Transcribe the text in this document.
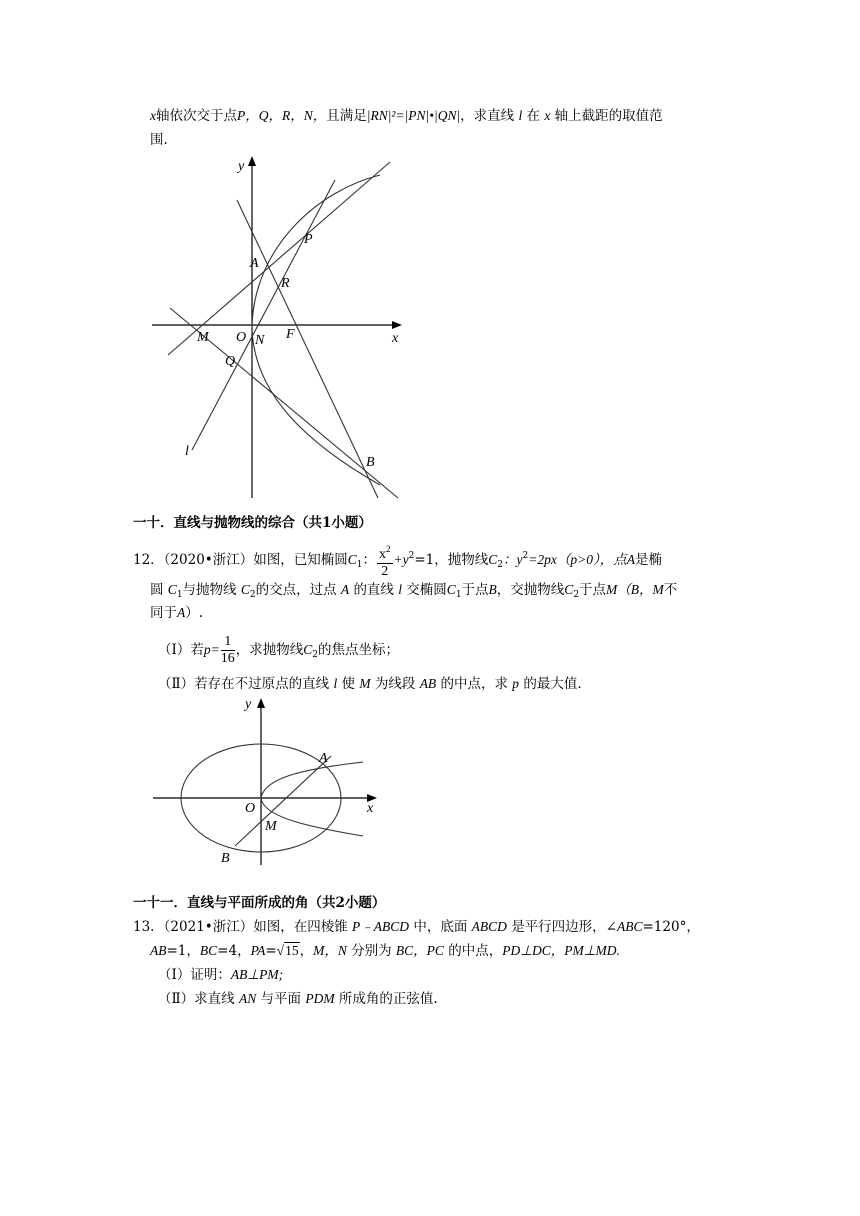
x轴依次交于点P，Q，R，N，且满足|RN|²=|PN|•|QN|，求直线 l 在 x 轴上截距的取值范
围.
y
x
A
P
R
M O N F
Q
l
B
一十．直线与抛物线的综合（共1小题）
12．（2020•浙江）如图，已知椭圆$C_1$： $\frac{x^2}{2} +y^2=1$，抛物线$C_2$：$y^2=2px(p>0)$，点A是椭
圆 $C_1$与抛物线 $C_2$的交点，过点 A 的直线 l 交椭圆$C_1$于点B，交抛物线$C_2$于点M（B，M不
同于A）.
（Ⅰ）若$p= \frac{1}{16}$ ，求抛物线$C_2$的焦点坐标；
（Ⅱ）若存在不过原点的直线 l 使 M 为线段 AB 的中点，求 p 的最大值.
y
x
A
O
M
B
一十一．直线与平面所成的角（共2小题）
13．（2021•浙江）如图，在四棱锥 P﹣ABCD 中，底面 ABCD 是平行四边形，∠ABC=120°，
AB=1，BC=4，PA=√15，M，N 分别为 BC，PC 的中点，PD⊥DC，PM⊥MD.
（Ⅰ）证明：AB⊥PM;
（Ⅱ）求直线 AN 与平面 PDM 所成角的正弦值.
